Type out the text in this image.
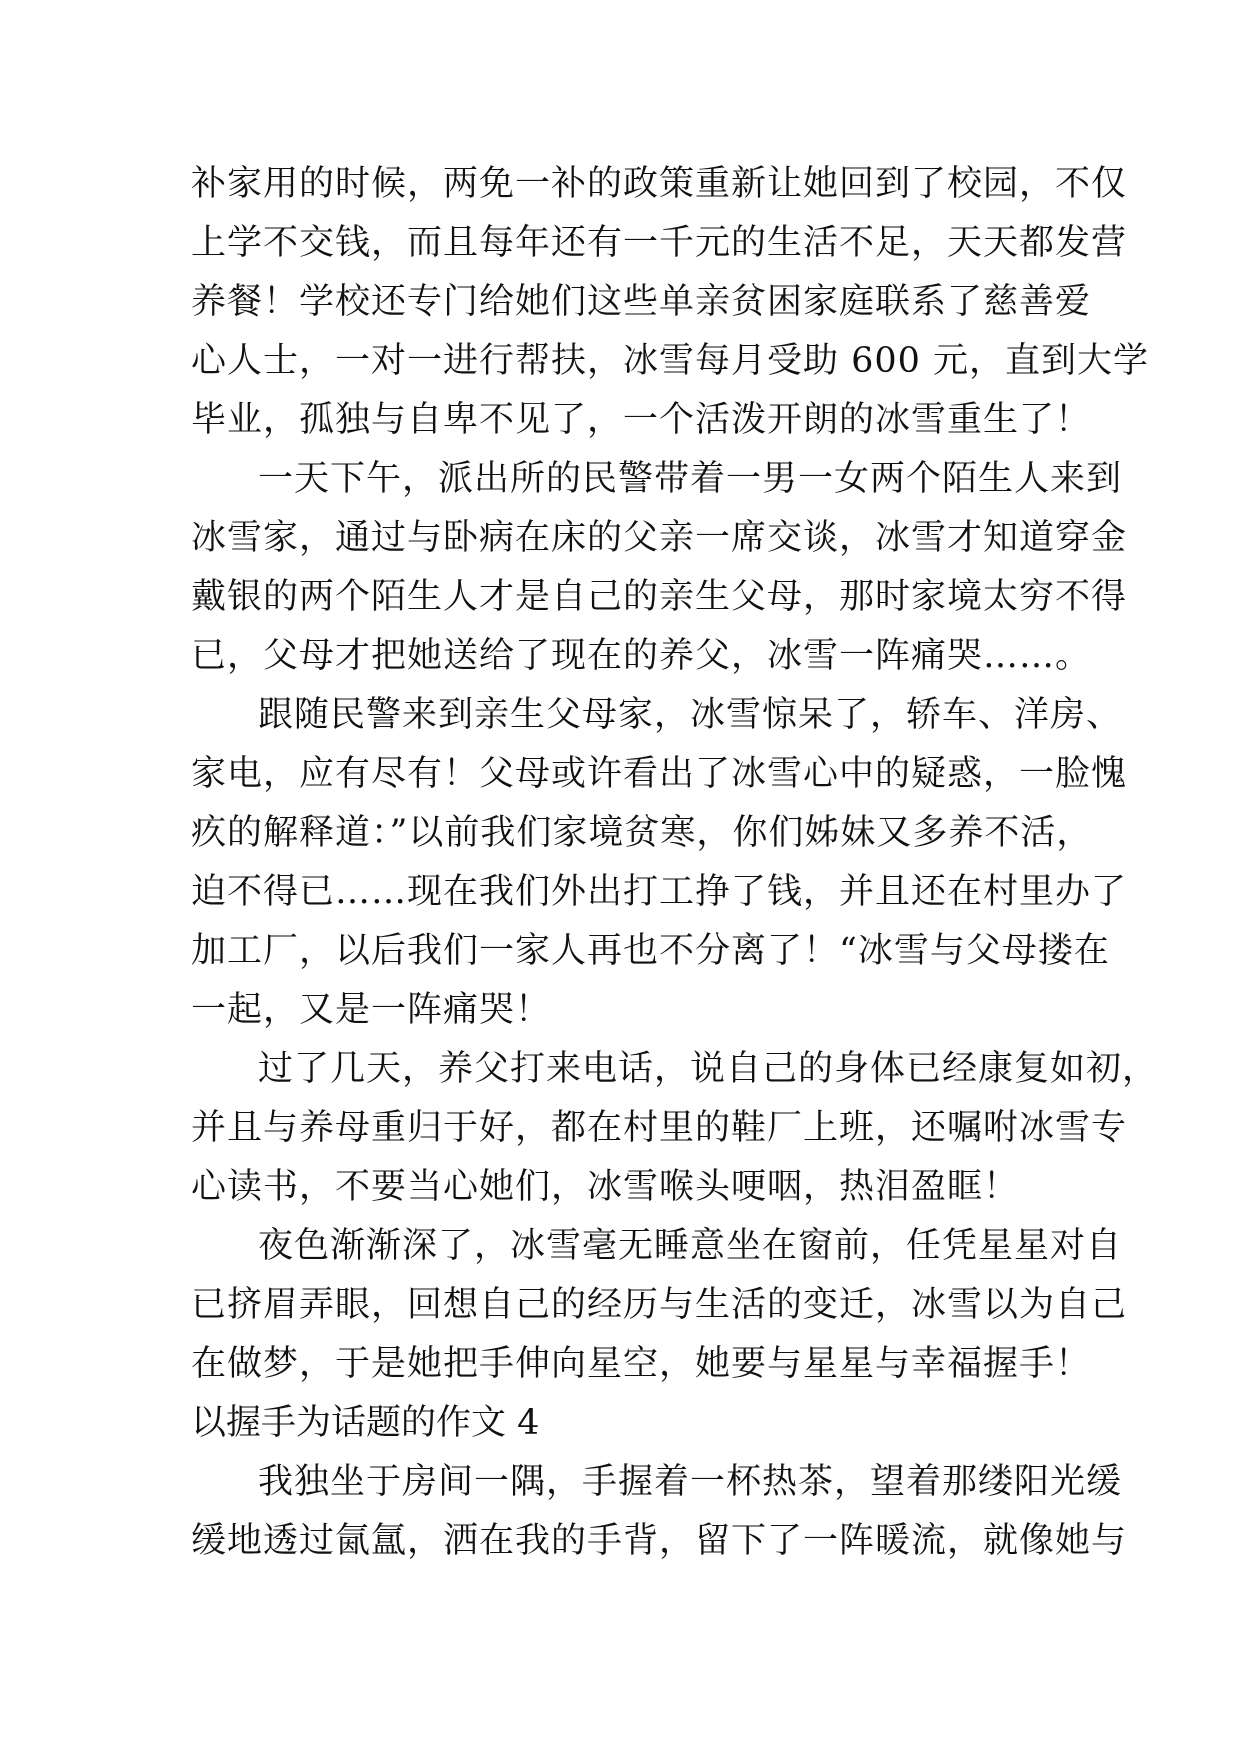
补家用的时候，两免一补的政策重新让她回到了校园，不仅
上学不交钱，而且每年还有一千元的生活不足，天天都发营
养餐！学校还专门给她们这些单亲贫困家庭联系了慈善爱
心人士，一对一进行帮扶，冰雪每月受助 600 元，直到大学
毕业，孤独与自卑不见了，一个活泼开朗的冰雪重生了！
一天下午，派出所的民警带着一男一女两个陌生人来到
冰雪家，通过与卧病在床的父亲一席交谈，冰雪才知道穿金
戴银的两个陌生人才是自己的亲生父母，那时家境太穷不得
已，父母才把她送给了现在的养父，冰雪一阵痛哭……。
跟随民警来到亲生父母家，冰雪惊呆了，轿车、洋房、
家电，应有尽有！父母或许看出了冰雪心中的疑惑，一脸愧
疚的解释道：”以前我们家境贫寒，你们姊妹又多养不活，
迫不得已……现在我们外出打工挣了钱，并且还在村里办了
加工厂，以后我们一家人再也不分离了！“冰雪与父母搂在
一起，又是一阵痛哭！
过了几天，养父打来电话，说自己的身体已经康复如初，
并且与养母重归于好，都在村里的鞋厂上班，还嘱咐冰雪专
心读书，不要当心她们，冰雪喉头哽咽，热泪盈眶！
夜色渐渐深了，冰雪毫无睡意坐在窗前，任凭星星对自
已挤眉弄眼，回想自己的经历与生活的变迁，冰雪以为自己
在做梦，于是她把手伸向星空，她要与星星与幸福握手！
以握手为话题的作文 4
我独坐于房间一隅，手握着一杯热茶，望着那缕阳光缓
缓地透过氤氲，洒在我的手背，留下了一阵暖流，就像她与
